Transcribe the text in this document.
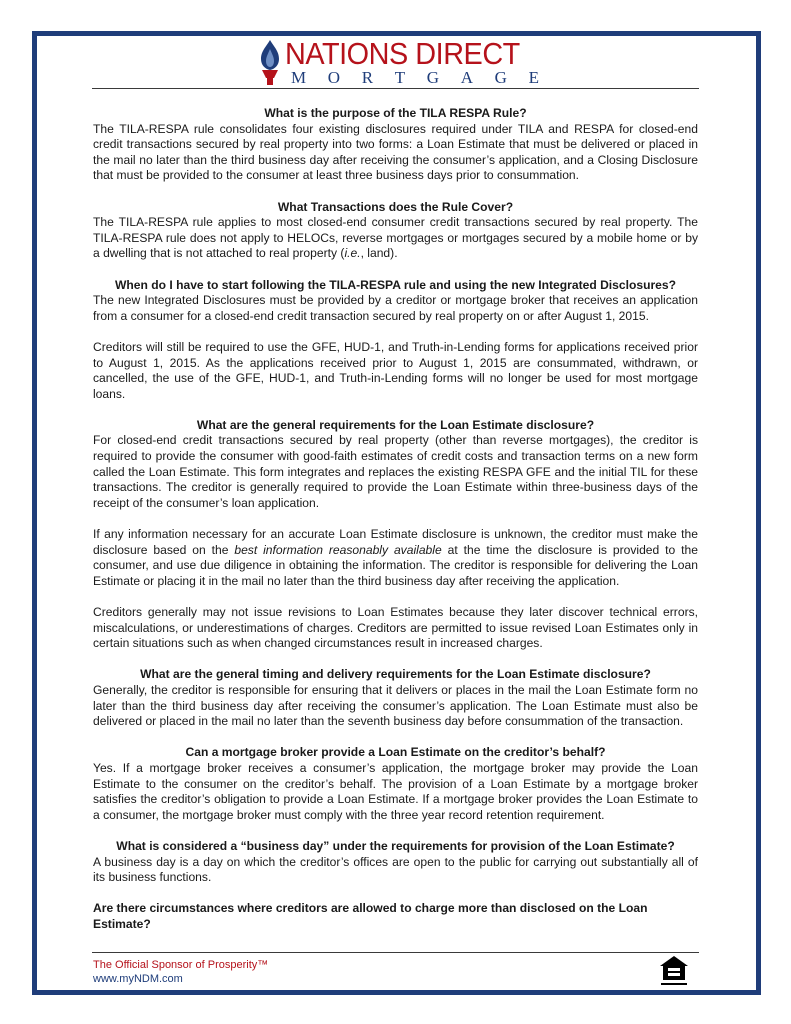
NATIONS DIRECT
M O R T G A G E

What is the purpose of the TILA RESPA Rule?

The TILA-RESPA rule consolidates four existing disclosures required under TILA and RESPA for closed-end credit transactions secured by real property into two forms: a Loan Estimate that must be delivered or placed in the mail no later than the third business day after receiving the consumer’s application, and a Closing Disclosure that must be provided to the consumer at least three business days prior to consummation.

What Transactions does the Rule Cover?

The TILA-RESPA rule applies to most closed-end consumer credit transactions secured by real property. The TILA-RESPA rule does not apply to HELOCs, reverse mortgages or mortgages secured by a mobile home or by a dwelling that is not attached to real property (i.e., land).

When do I have to start following the TILA-RESPA rule and using the new Integrated Disclosures?

The new Integrated Disclosures must be provided by a creditor or mortgage broker that receives an application from a consumer for a closed-end credit transaction secured by real property on or after August 1, 2015.

Creditors will still be required to use the GFE, HUD-1, and Truth-in-Lending forms for applications received prior to August 1, 2015. As the applications received prior to August 1, 2015 are consummated, withdrawn, or cancelled, the use of the GFE, HUD-1, and Truth-in-Lending forms will no longer be used for most mortgage loans.

What are the general requirements for the Loan Estimate disclosure?

For closed-end credit transactions secured by real property (other than reverse mortgages), the creditor is required to provide the consumer with good-faith estimates of credit costs and transaction terms on a new form called the Loan Estimate. This form integrates and replaces the existing RESPA GFE and the initial TIL for these transactions. The creditor is generally required to provide the Loan Estimate within three-business days of the receipt of the consumer’s loan application.

If any information necessary for an accurate Loan Estimate disclosure is unknown, the creditor must make the disclosure based on the best information reasonably available at the time the disclosure is provided to the consumer, and use due diligence in obtaining the information. The creditor is responsible for delivering the Loan Estimate or placing it in the mail no later than the third business day after receiving the application.

Creditors generally may not issue revisions to Loan Estimates because they later discover technical errors, miscalculations, or underestimations of charges. Creditors are permitted to issue revised Loan Estimates only in certain situations such as when changed circumstances result in increased charges.

What are the general timing and delivery requirements for the Loan Estimate disclosure?

Generally, the creditor is responsible for ensuring that it delivers or places in the mail the Loan Estimate form no later than the third business day after receiving the consumer’s application. The Loan Estimate must also be delivered or placed in the mail no later than the seventh business day before consummation of the transaction.

Can a mortgage broker provide a Loan Estimate on the creditor’s behalf?

Yes. If a mortgage broker receives a consumer’s application, the mortgage broker may provide the Loan Estimate to the consumer on the creditor’s behalf. The provision of a Loan Estimate by a mortgage broker satisfies the creditor’s obligation to provide a Loan Estimate. If a mortgage broker provides the Loan Estimate to a consumer, the mortgage broker must comply with the three year record retention requirement.

What is considered a “business day” under the requirements for provision of the Loan Estimate?

A business day is a day on which the creditor’s offices are open to the public for carrying out substantially all of its business functions.

Are there circumstances where creditors are allowed to charge more than disclosed on the Loan Estimate?

The Official Sponsor of Prosperity™
www.myNDM.com
